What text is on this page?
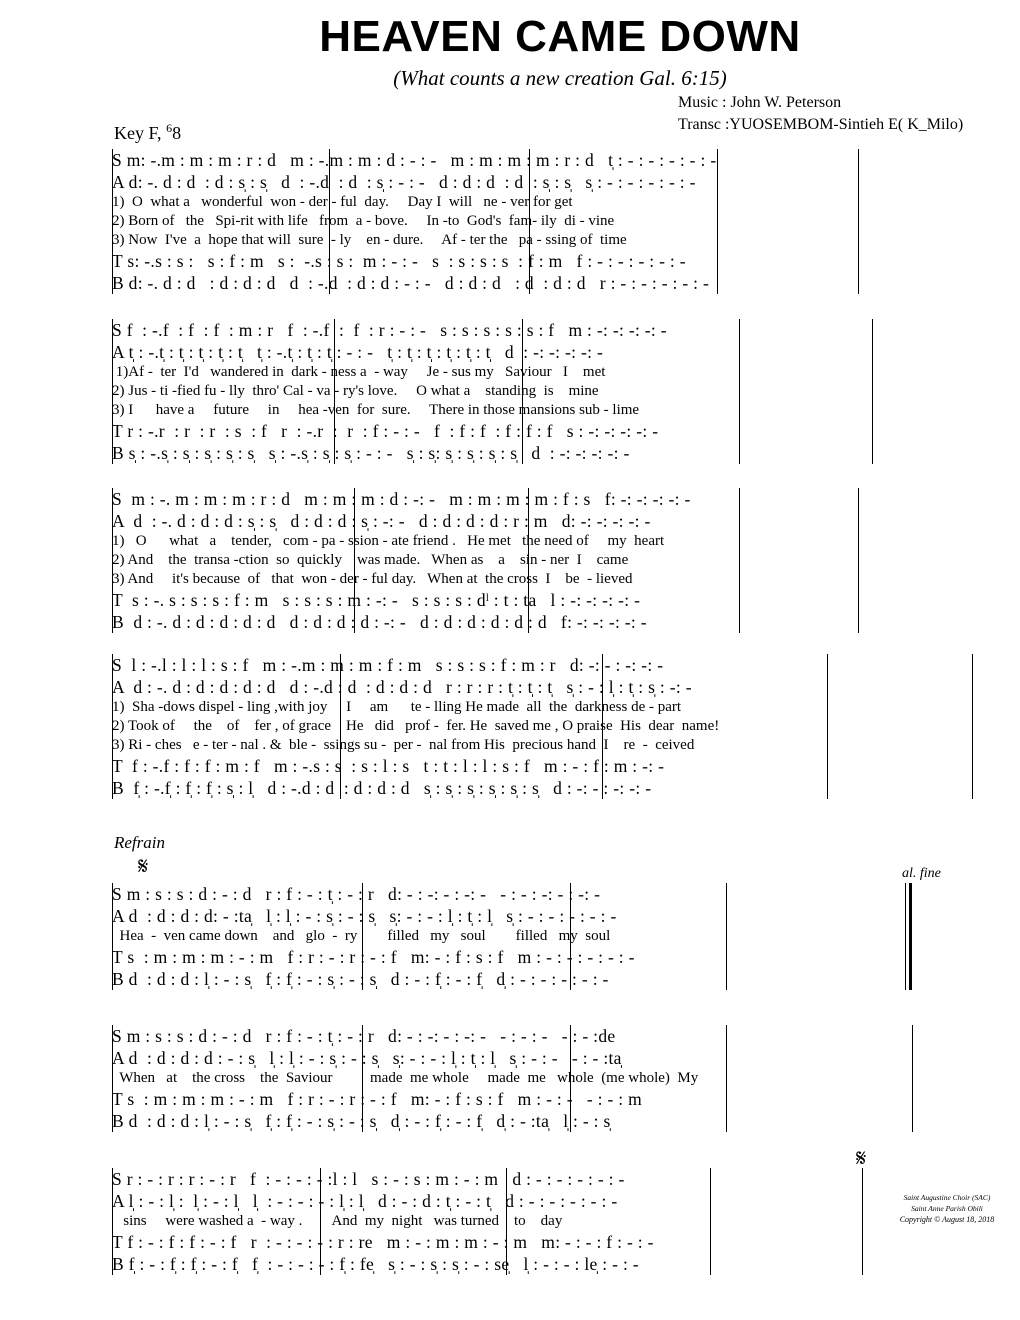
HEAVEN CAME DOWN
(What counts a new creation Gal. 6:15)
Music : John W. Peterson
Transc :YUOSEMBOM-Sintieh E( K_Milo)
Key F, $^6$8
S m: -.m : m : m : r : d   m : -.m : m : d : - : -   m : m : m : m : r : d   t̩ : - : - : - : - : -
A d: -. d : d  : d : s̩ : s̩   d  : -.d  : d  : s̩ : - : -   d : d : d  : d  : s̩ : s̩   s̩ : - : - : - : - : -
1)  O  what a   wonderful  won - der - ful  day.     Day I  will   ne - ver for get
2) Born of   the   Spi-rit with life   from  a - bove.     In -to  God's  fam- ily  di - vine
3) Now  I've  a  hope that will  sure  - ly    en - dure.     Af - ter the   pa - ssing of  time
T s: -.s : s :   s : f : m   s :  -.s : s :  m : - : -   s  : s : s : s  : f : m   f : - : - : - : - : -
B d: -. d : d   : d : d : d   d  : -.d  : d : d : - : -   d : d : d   : d  : d : d   r : - : - : - : - : -
S f  : -.f  : f  : f  : m : r   f  : -.f  :  f  : r : - : -   s : s : s : s : s : f   m : -: -: -: -: -
A t̩ : -.t̩ : t̩ : t̩ : t̩ : t̩   t̩ : -.t̩ : t̩ : t̩ : - : -   t̩ : t̩ : t̩ : t̩ : t̩ : t̩   d  : -: -: -: -: -
1)Af -  ter  I'd   wandered in  dark - ness a  - way     Je - sus my   Saviour   I    met
2) Jus - ti -fied fu - lly  thro' Cal - va - ry's love.     O what a    standing  is    mine
3) I      have a     future     in     hea -ven  for  sure.     There in those mansions sub - lime
T r : -.r  : r  : r  : s  : f   r  : -.r  :  r  : f : - : -   f  : f : f  : f : f : f   s : -: -: -: -: -
B s̩ : -.s̩ : s̩ : s̩ : s̩ : s̩   s̩ : -.s̩ : s̩ : s̩ : - : -   s̩ : s̩: s̩ : s̩ : s̩ : s̩   d  : -: -: -: -: -
S  m : -. m : m : m : r : d   m : m : m : d : -: -   m : m : m : m : f : s   f: -: -: -: -: -
A  d  : -. d : d : d : s̩ : s̩   d : d : d : s̩ : -: -   d : d : d : d : r : m   d: -: -: -: -: -
1)   O      what   a    tender,   com - pa - ssion - ate friend .   He met   the need of     my  heart
2) And    the  transa -ction  so  quickly    was made.   When as    a    sin - ner  I    came
3) And     it's because  of   that  won - der - ful day.   When at  the cross  I    be  - lieved
T  s : -. s : s : s : f : m   s : s : s : m : -: -   s : s : s : dˡ : t : ta   l : -: -: -: -: -
B  d : -. d : d : d : d : d   d : d : d : d : -: -   d : d : d : d : d : d   f: -: -: -: -: -
S  l : -.l : l : l : s : f   m : -.m : m : m : f : m   s : s : s : f : m : r   d: -: - : -: -: -
A  d : -. d : d : d : d : d   d : -.d : d  : d : d : d   r : r : r : t̩ : t̩ : t̩   s̩ : - : l̩ : t̩ : s̩ : -: -
1)  Sha -dows dispel - ling ,with joy     I     am      te - lling He made  all  the  darkness de - part
2) Took of     the    of    fer , of grace    He   did   prof -  fer. He  saved me , O praise  His  dear  name!
3) Ri - ches   e - ter - nal . &  ble -  ssings su -  per -  nal from His  precious hand  I    re  -  ceived
T  f : -.f : f : f : m : f   m : -.s : s  : s : l : s   t : t : l : l : s : f   m : - : f : m : -: -
B  f̩ : -.f̩ : f̩ : f̩ : s̩ : l̩   d : -.d : d  : d : d : d   s̩ : s̩ : s̩ : s̩ : s̩ : s̩   d : -: - : -: -: -
Refrain
𝄋	al. fine
S m : s : s : d : - : d   r : f : - : t̩ : - : r   d: - : -: - : -: -   - : - : -: - : -: -
A d  : d : d : d: - :ta̩   l̩ : l̩ : - : s̩ : - : s̩   s̩: - : - : l̩ : t̩ : l̩   s̩ : - : - : - : - : -
Hea  -  ven came down    and   glo  -  ry        filled   my   soul        filled   my  soul
T s  : m : m : m : - : m   f : r : - : r : - : f   m: - : f : s : f   m : - : - : - : - : -
B d  : d : d : l̩ : - : s̩   f̩ : f̩ : - : s̩ : - : s̩   d : - : f̩ : - : f̩   d̩ : - : - : - : - : -
S m : s : s : d : - : d   r : f : - : t̩ : - : r   d: - : -: - : -: -   - : - : -   - : - :de
A d  : d : d : d : - : s̩   l̩ : l̩ : - : s̩ : - : s̩   s̩: - : - : l̩ : t̩ : l̩   s̩ : - : -   - : - :ta̩
When   at    the cross    the  Saviour          made  me whole     made  me   whole  (me whole)  My
T s  : m : m : m : - : m   f : r : - : r : - : f   m: - : f : s : f   m : - : -   - : - : m
B d  : d : d : l̩ : - : s̩   f̩ : f̩ : - : s̩ : - : s̩   d̩ : - : f̩ : - : f̩   d̩ : - :ta̩   l̩ : - : s̩
𝄋
S r : - : r : r : - : r   f  : - : - : - :l : l   s : - : s : m : - : m   d : - : - : - : - : -
A l̩ : - : l̩ :  l̩ : - : l̩   l̩  : - : - : - : l̩ : l̩   d : - : d : t̩ : - : t̩   d : - : - : - : - : -
sins     were washed a  - way .        And  my  night   was turned    to    day
T f : - : f : f : - : f   r  : - : - : - : r : re   m : - : m : m : - : m   m: - : - : f : - : -
B f̩ : - : f̩ : f̩ : - : f̩   f̩  : - : - : - : f̩ : fe̩   s̩ : - : s̩ : s̩ : - : se̩   l̩ : - : - : le̩ : - : -
Saint Augustine Choir (SAC)
Saint Anne Parish Obili
Copyright © August 18, 2018
